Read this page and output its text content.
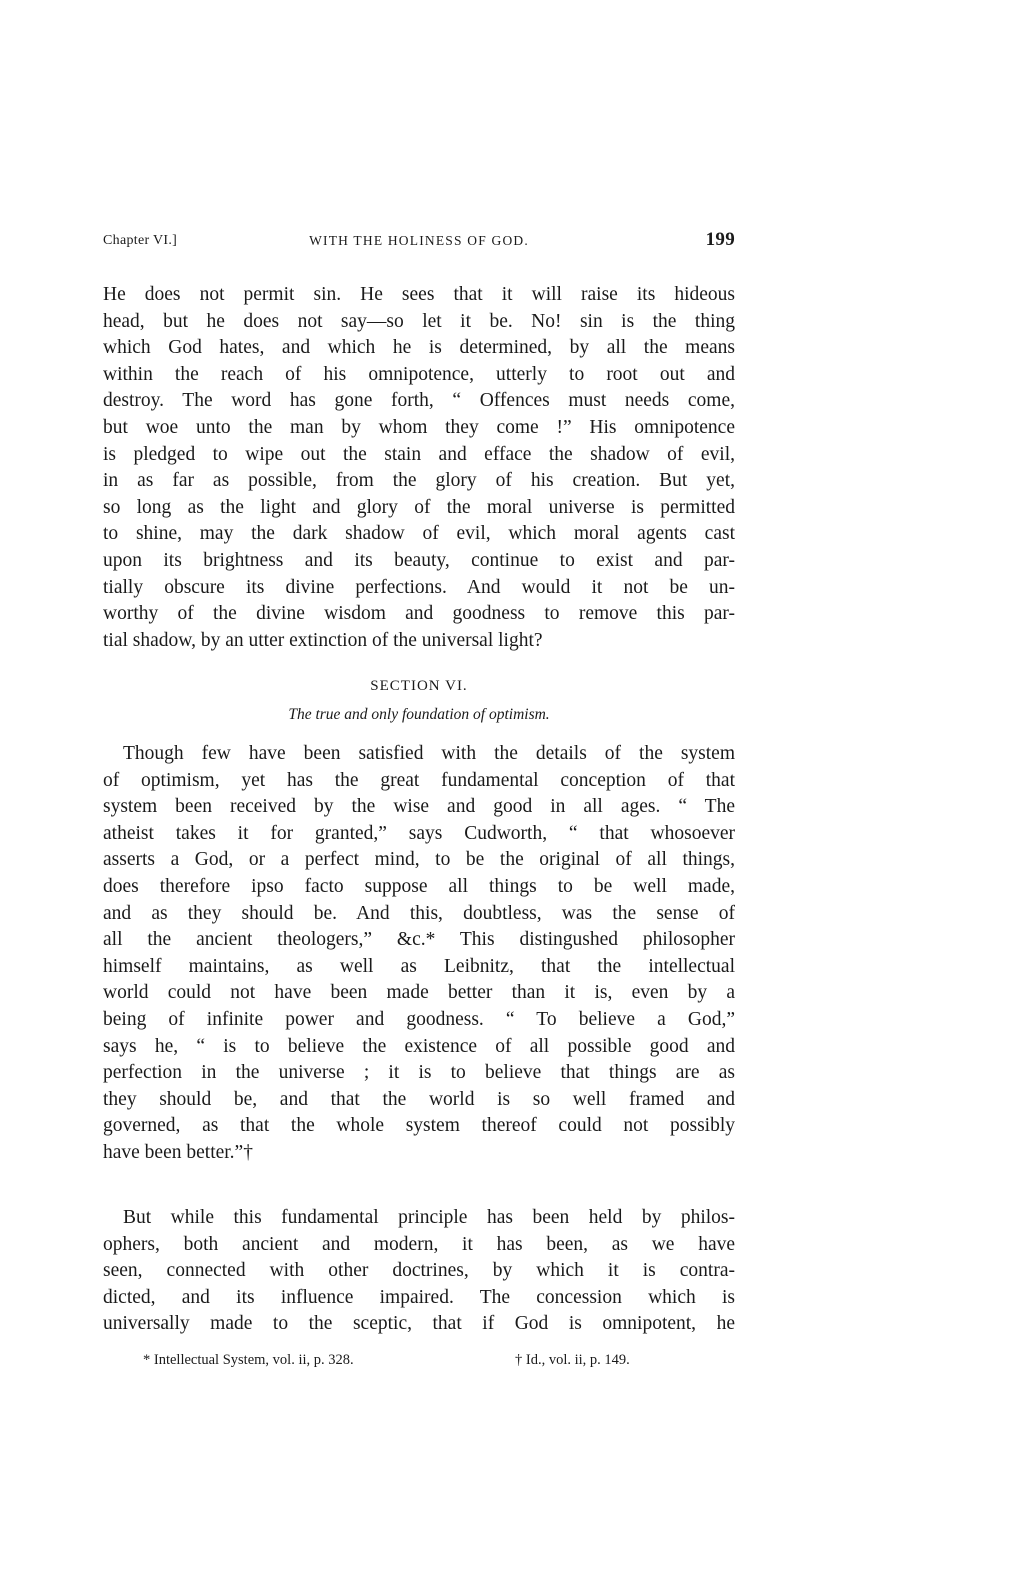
Chapter VI.]	WITH THE HOLINESS OF GOD.	199
He does not permit sin. He sees that it will raise its hideous
head, but he does not say—so let it be. No! sin is the thing
which God hates, and which he is determined, by all the means
within the reach of his omnipotence, utterly to root out and
destroy. The word has gone forth, “ Offences must needs come,
but woe unto the man by whom they come !” His omnipotence
is pledged to wipe out the stain and efface the shadow of evil,
in as far as possible, from the glory of his creation. But yet,
so long as the light and glory of the moral universe is permitted
to shine, may the dark shadow of evil, which moral agents cast
upon its brightness and its beauty, continue to exist and par-
tially obscure its divine perfections. And would it not be un-
worthy of the divine wisdom and goodness to remove this par-
tial shadow, by an utter extinction of the universal light?
SECTION VI.
The true and only foundation of optimism.
Though few have been satisfied with the details of the system
of optimism, yet has the great fundamental conception of that
system been received by the wise and good in all ages. “ The
atheist takes it for granted,” says Cudworth, “ that whosoever
asserts a God, or a perfect mind, to be the original of all things,
does therefore ipso facto suppose all things to be well made,
and as they should be. And this, doubtless, was the sense of
all the ancient theologers,” &c.* This distingushed philosopher
himself maintains, as well as Leibnitz, that the intellectual
world could not have been made better than it is, even by a
being of infinite power and goodness. “ To believe a God,”
says he, “ is to believe the existence of all possible good and
perfection in the universe ; it is to believe that things are as
they should be, and that the world is so well framed and
governed, as that the whole system thereof could not possibly
have been better.”†
But while this fundamental principle has been held by philos-
ophers, both ancient and modern, it has been, as we have
seen, connected with other doctrines, by which it is contra-
dicted, and its influence impaired. The concession which is
universally made to the sceptic, that if God is omnipotent, he
* Intellectual System, vol. ii, p. 328.	† Id., vol. ii, p. 149.
